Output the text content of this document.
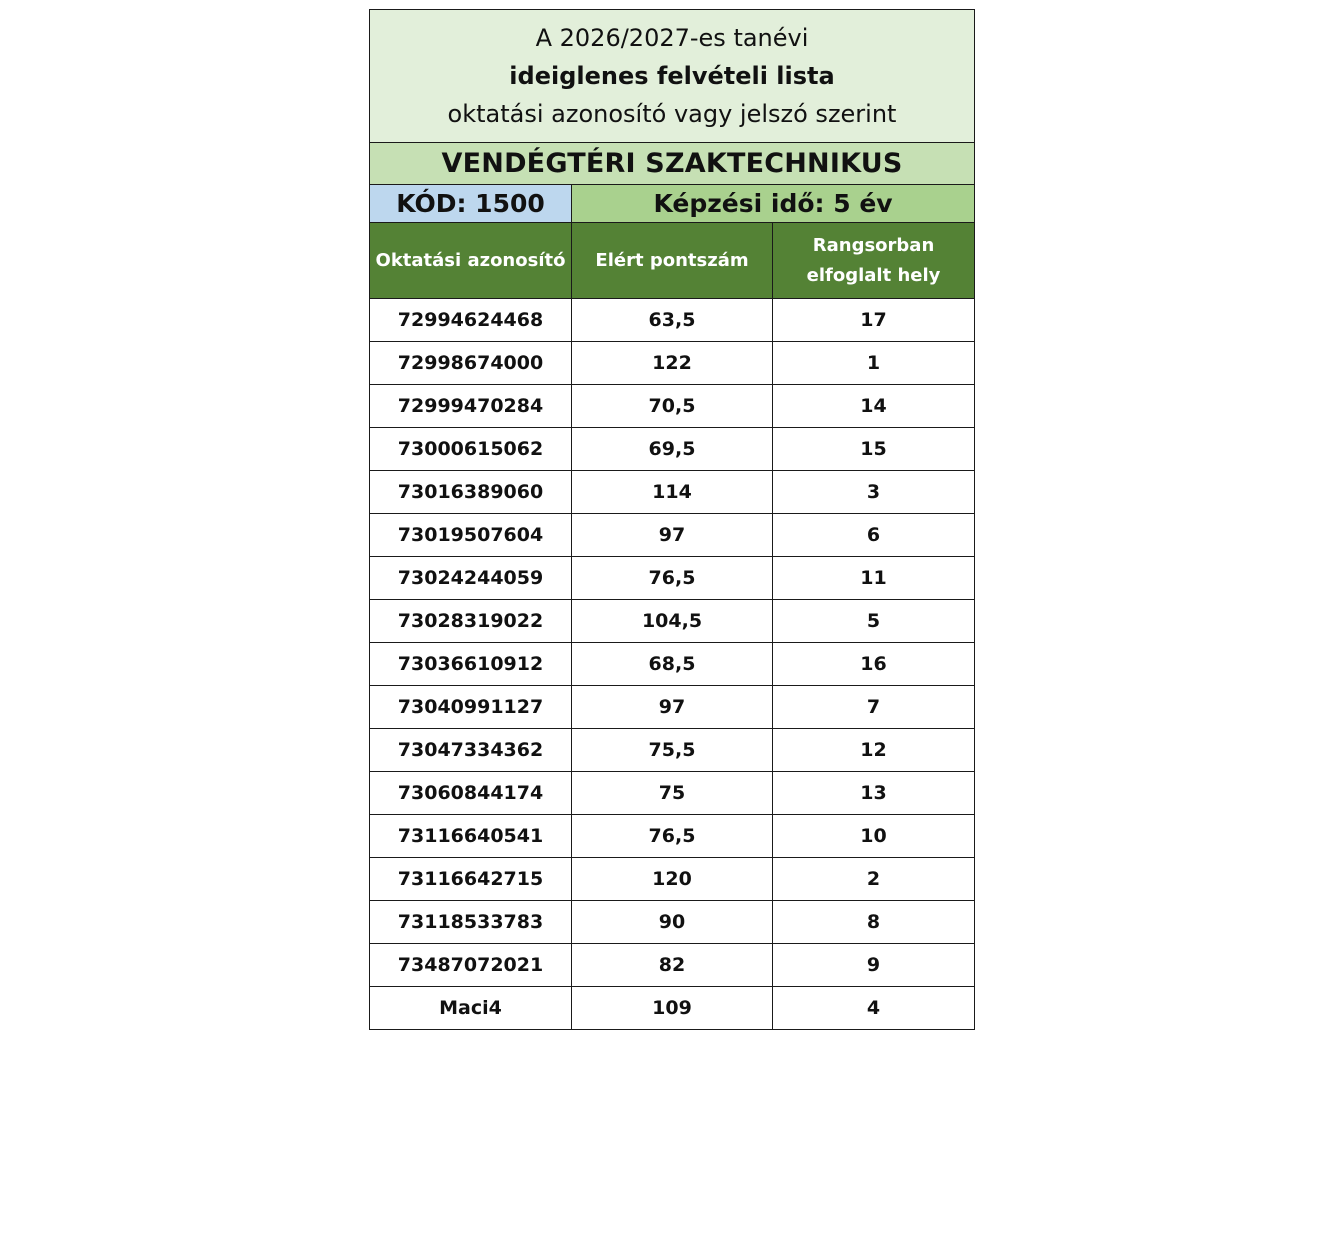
A 2026/2027-es tanévi
ideiglenes felvételi lista
oktatási azonosító vagy jelszó szerint		

VENDÉGTÉRI SZAKTECHNIKUS		
KÓD: 1500	Képzési idő: 5 év	
Oktatási azonosító	Elért pontszám	Rangsorban
elfoglalt hely

72994624468	63,5	17
72998674000	122	1
72999470284	70,5	14
73000615062	69,5	15
73016389060	114	3
73019507604	97	6
73024244059	76,5	11
73028319022	104,5	5
73036610912	68,5	16
73040991127	97	7
73047334362	75,5	12
73060844174	75	13
73116640541	76,5	10
73116642715	120	2
73118533783	90	8
73487072021	82	9
Maci4	109	4
